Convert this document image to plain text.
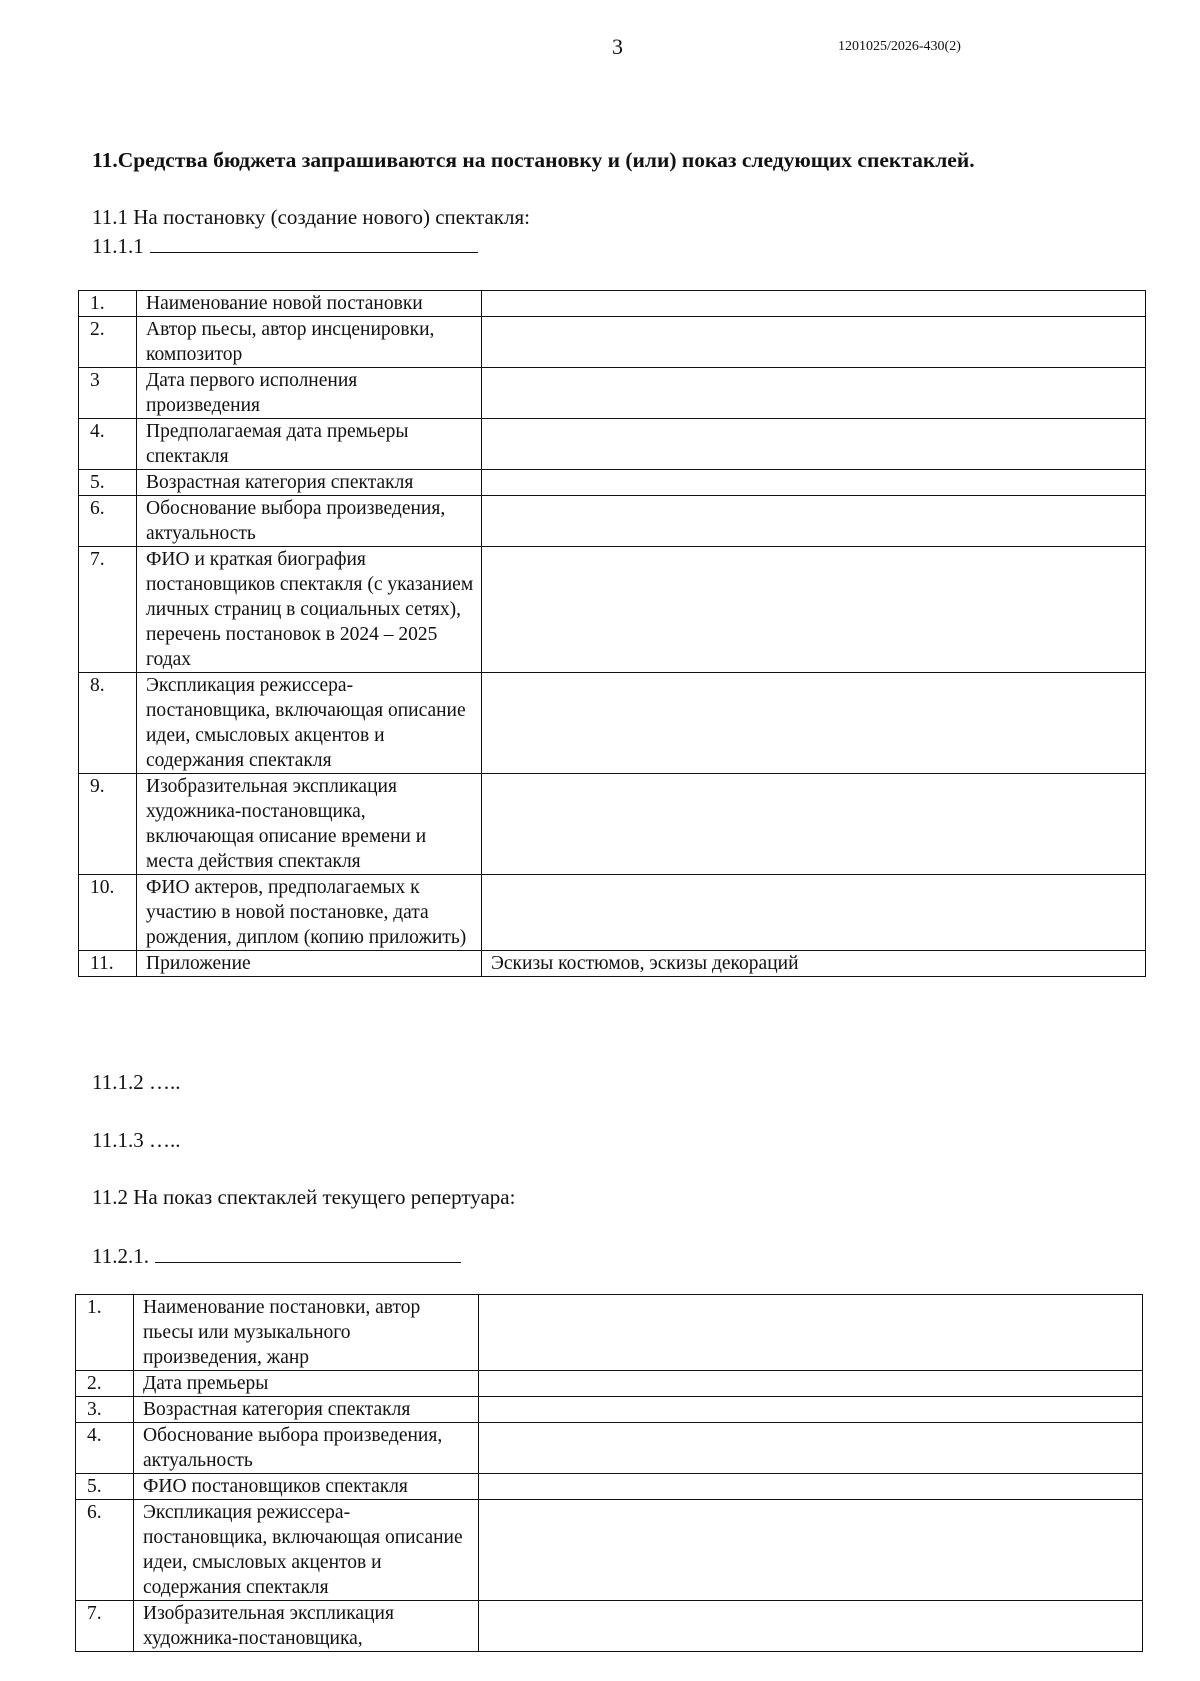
3	1201025/2026-430(2)
11.Средства бюджета запрашиваются на постановку и (или) показ следующих спектаклей.
11.1 На постановку (создание нового) спектакля:
11.1.1
1.	Наименование новой постановки	
2.	Автор пьесы, автор инсценировки, композитор	
3	Дата первого исполнения произведения	
4.	Предполагаемая дата премьеры спектакля	
5.	Возрастная категория спектакля	
6.	Обоснование выбора произведения, актуальность	
7.	ФИО и краткая биография постановщиков спектакля (с указанием личных страниц в социальных сетях), перечень постановок в 2024 – 2025 годах	
8.	Экспликация режиссера-постановщика, включающая описание идеи, смысловых акцентов и содержания спектакля	
9.	Изобразительная экспликация художника-постановщика, включающая описание времени и места действия спектакля	
10.	ФИО актеров, предполагаемых к участию в новой постановке, дата рождения, диплом (копию приложить)	
11.	Приложение	Эскизы костюмов, эскизы декораций
11.1.2 …..
11.1.3 …..
11.2 На показ спектаклей текущего репертуара:
11.2.1.
1.	Наименование постановки, автор пьесы или музыкального произведения, жанр	
2.	Дата премьеры	
3.	Возрастная категория спектакля	
4.	Обоснование выбора произведения, актуальность	
5.	ФИО постановщиков спектакля	
6.	Экспликация режиссера-постановщика, включающая описание идеи, смысловых акцентов и содержания спектакля	
7.	Изобразительная экспликация художника-постановщика,	
